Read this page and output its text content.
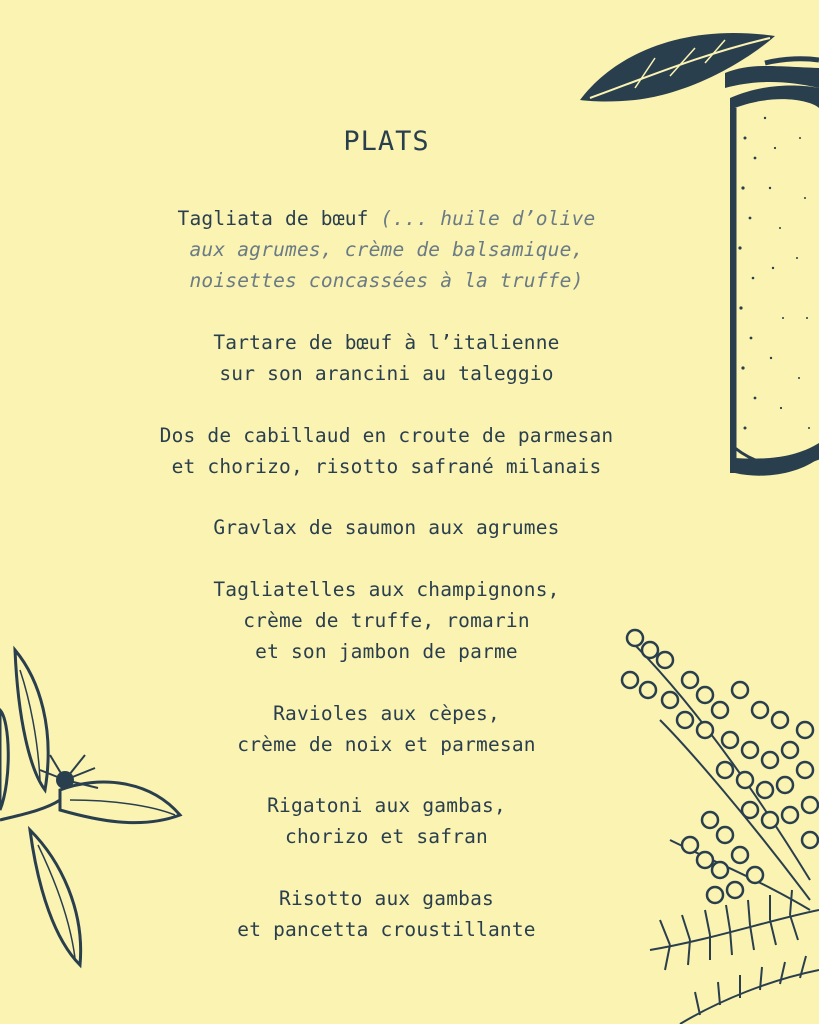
PLATS
Tagliata de bœuf (... huile d’olive
aux agrumes, crème de balsamique,
noisettes concassées à la truffe)
Tartare de bœuf à l’italienne
sur son arancini au taleggio
Dos de cabillaud en croute de parmesan
et chorizo, risotto safrané milanais
Gravlax de saumon aux agrumes
Tagliatelles aux champignons,
crème de truffe, romarin
et son jambon de parme
Ravioles aux cèpes,
crème de noix et parmesan
Rigatoni aux gambas,
chorizo et safran
Risotto aux gambas
et pancetta croustillante
